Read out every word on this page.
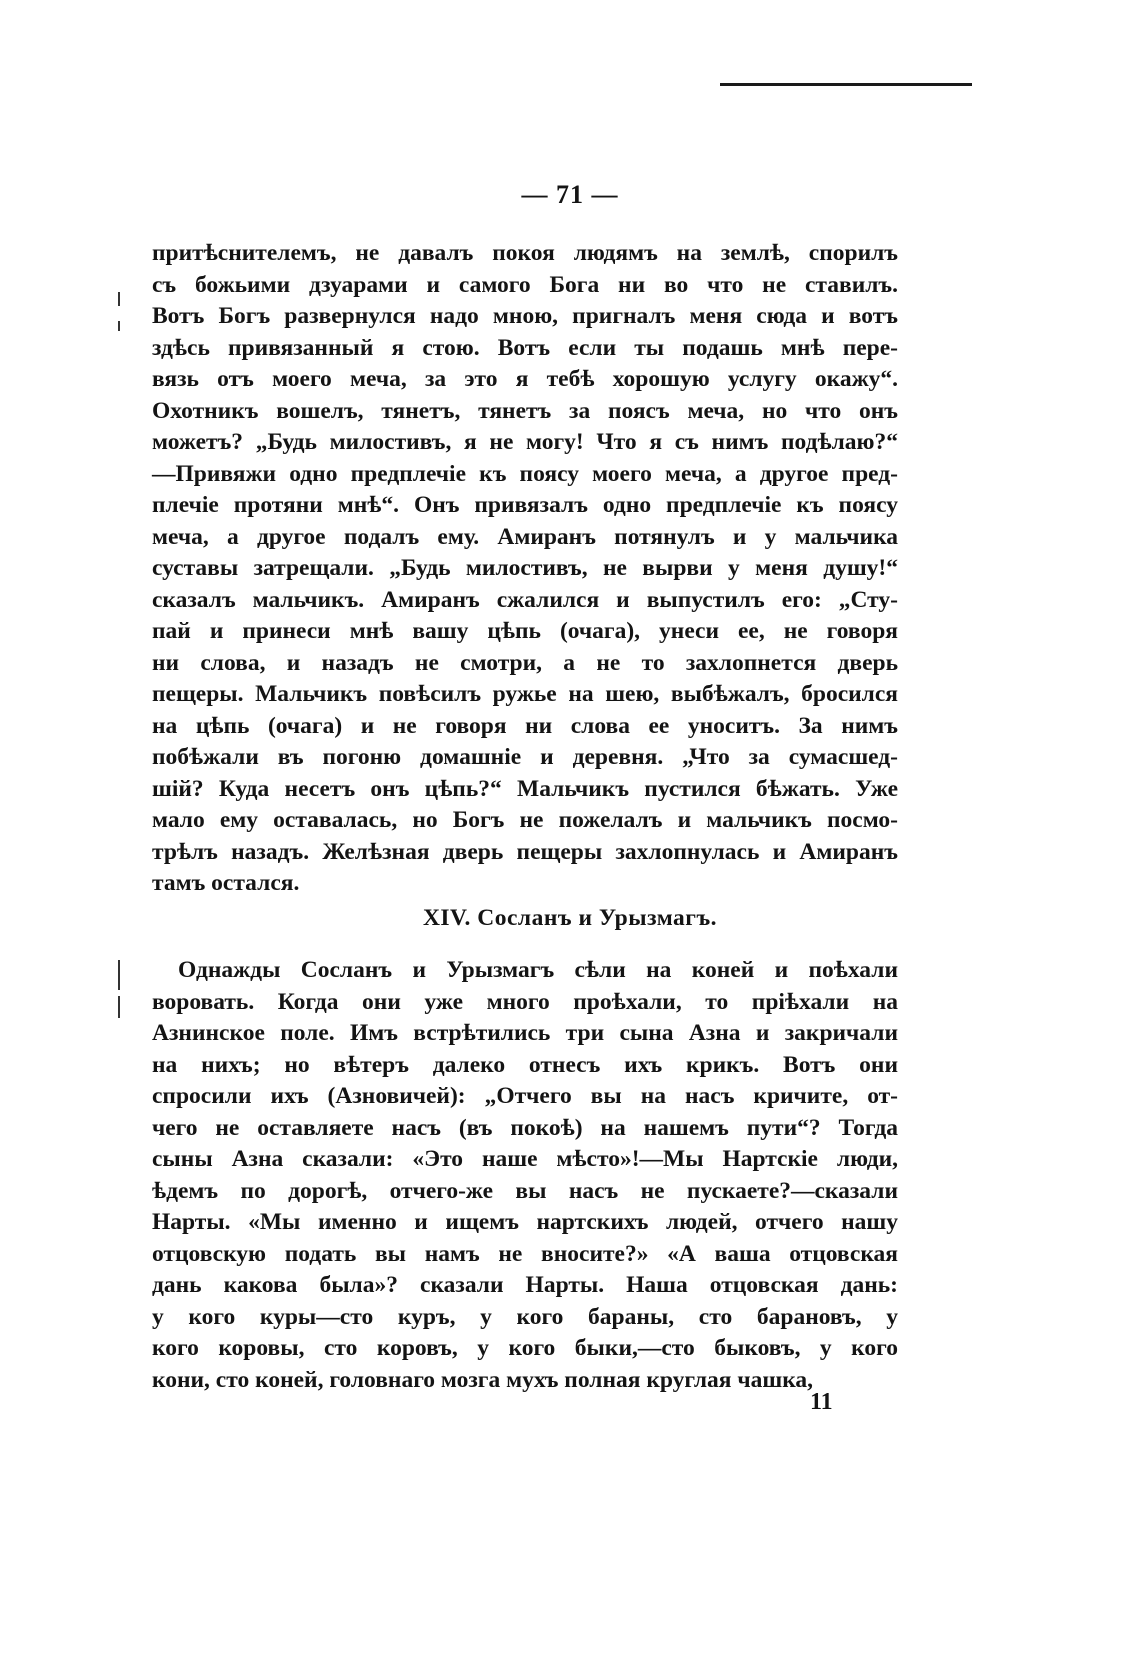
— 71 —
притѣснителемъ, не давалъ покоя людямъ на землѣ, спорилъ
съ божьими дзуарами и самого Бога ни во что не ставилъ.
Вотъ Богъ развернулся надо мною, пригналъ меня сюда и вотъ
здѣсь привязанный я стою. Вотъ если ты подашь мнѣ пере-
вязь отъ моего меча, за это я тебѣ хорошую услугу окажу“.
Охотникъ вошелъ, тянетъ, тянетъ за поясъ меча, но что онъ
можетъ? „Будь милостивъ, я не могу! Что я съ нимъ подѣлаю?“
—Привяжи одно предплечіе къ поясу моего меча, а другое пред-
плечіе протяни мнѣ“. Онъ привязалъ одно предплечіе къ поясу
меча, а другое подалъ ему. Амиранъ потянулъ и у мальчика
суставы затрещали. „Будь милостивъ, не вырви у меня душу!“
сказалъ мальчикъ. Амиранъ сжалился и выпустилъ его: „Сту-
пай и принеси мнѣ вашу цѣпь (очага), унеси ее, не говоря
ни слова, и назадъ не смотри, а не то захлопнется дверь
пещеры. Мальчикъ повѣсилъ ружье на шею, выбѣжалъ, бросился
на цѣпь (очага) и не говоря ни слова ее уноситъ. За нимъ
побѣжали въ погоню домашніе и деревня. „Что за сумасшед-
шій? Куда несетъ онъ цѣпь?“ Мальчикъ пустился бѣжать. Уже
мало ему оставалась, но Богъ не пожелалъ и мальчикъ посмо-
трѣлъ назадъ. Желѣзная дверь пещеры захлопнулась и Амиранъ
тамъ остался.
XIV. Сосланъ и Урызмагъ.
Однажды Сосланъ и Урызмагъ сѣли на коней и поѣхали
воровать. Когда они уже много проѣхали, то пріѣхали на
Азнинское поле. Имъ встрѣтились три сына Азна и закричали
на нихъ; но вѣтеръ далеко отнесъ ихъ крикъ. Вотъ они
спросили ихъ (Азновичей): „Отчего вы на насъ кричите, от-
чего не оставляете насъ (въ покоѣ) на нашемъ пути“? Тогда
сыны Азна сказали: «Это наше мѣсто»!—Мы Нартскіе люди,
ѣдемъ по дорогѣ, отчего-же вы насъ не пускаете?—сказали
Нарты. «Мы именно и ищемъ нартскихъ людей, отчего нашу
отцовскую подать вы намъ не вносите?» «А ваша отцовская
дань какова была»? сказали Нарты. Наша отцовская дань:
у кого куры—сто куръ, у кого бараны, сто барановъ, у
кого коровы, сто коровъ, у кого быки,—сто быковъ, у кого
кони, сто коней, головнаго мозга мухъ полная круглая чашка,
11
